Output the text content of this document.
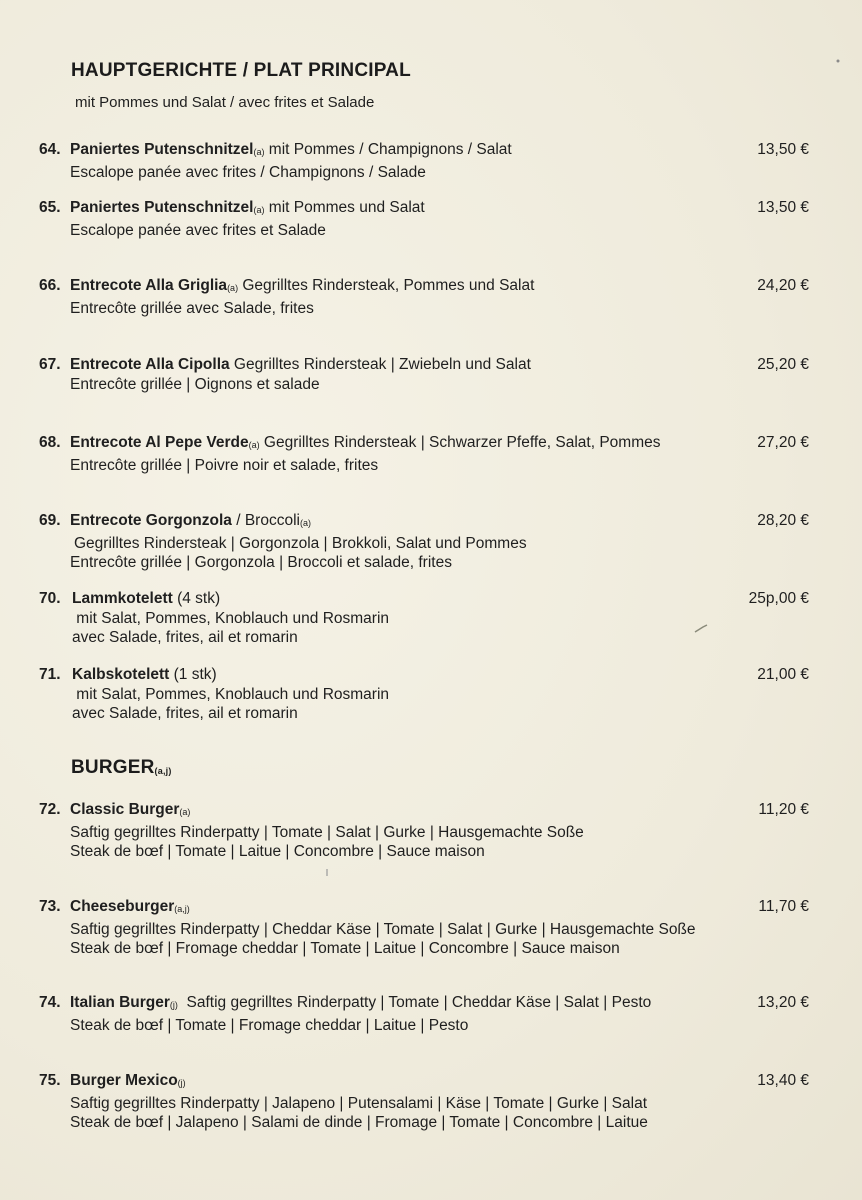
HAUPTGERICHTE / PLAT PRINCIPAL
mit Pommes und Salat / avec frites et Salade
64. Paniertes Putenschnitzel(a) mit Pommes / Champignons / Salat
Escalope panée avec frites / Champignons / Salade
13,50 €
65. Paniertes Putenschnitzel(a) mit Pommes und Salat
Escalope panée avec frites et Salade
13,50 €
66. Entrecote Alla Griglia(a) Gegrilltes Rindersteak, Pommes und Salat
Entrecôte grillée avec Salade, frites
24,20 €
67. Entrecote Alla Cipolla Gegrilltes Rindersteak | Zwiebeln und Salat
Entrecôte grillée | Oignons et salade
25,20 €
68. Entrecote Al Pepe Verde(a) Gegrilltes Rindersteak | Schwarzer Pfeffe, Salat, Pommes
Entrecôte grillée | Poivre noir et salade, frites
27,20 €
69. Entrecote Gorgonzola / Broccoli(a)
Gegrilltes Rindersteak | Gorgonzola | Brokkoli, Salat und Pommes
Entrecôte grillée | Gorgonzola | Broccoli et salade, frites
28,20 €
70. Lammkotelett (4 stk)
mit Salat, Pommes, Knoblauch und Rosmarin
avec Salade, frites, ail et romarin
25p,00 €
71. Kalbskotelett (1 stk)
mit Salat, Pommes, Knoblauch und Rosmarin
avec Salade, frites, ail et romarin
21,00 €
BURGER(a,j)
72. Classic Burger(a)
Saftig gegrilltes Rinderpatty | Tomate | Salat | Gurke | Hausgemachte Soße
Steak de bœf | Tomate | Laitue | Concombre | Sauce maison
11,20 €
73. Cheeseburger(a,j)
Saftig gegrilltes Rinderpatty | Cheddar Käse | Tomate | Salat | Gurke | Hausgemachte Soße
Steak de bœf | Fromage cheddar | Tomate | Laitue | Concombre | Sauce maison
11,70 €
74. Italian Burger(j)  Saftig gegrilltes Rinderpatty | Tomate | Cheddar Käse | Salat | Pesto
Steak de bœf | Tomate | Fromage cheddar | Laitue | Pesto
13,20 €
75. Burger Mexico(j)
Saftig gegrilltes Rinderpatty | Jalapeno | Putensalami | Käse | Tomate | Gurke | Salat
Steak de bœf | Jalapeno | Salami de dinde | Fromage | Tomate | Concombre | Laitue
13,40 €
